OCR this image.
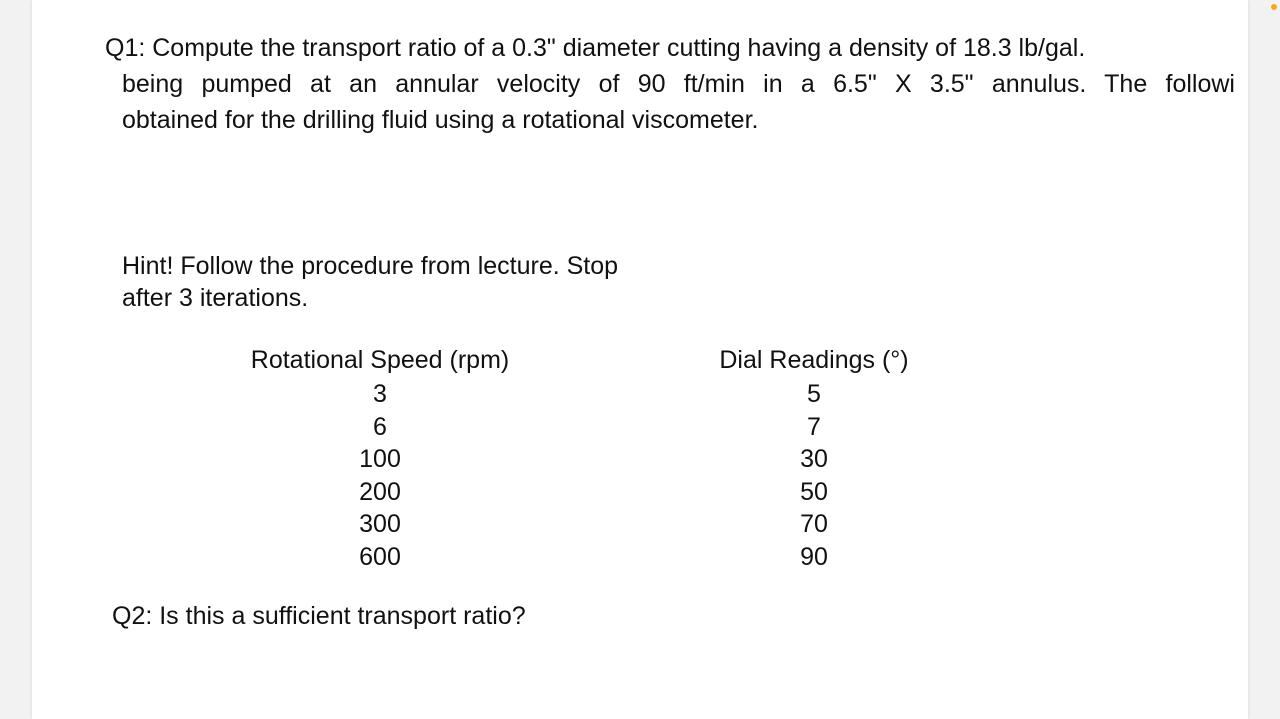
Q1: Compute the transport ratio of a 0.3" diameter cutting having a density of 18.3 lb/gal.
being pumped at an annular velocity of 90 ft/min in a 6.5" X 3.5" annulus. The followi
obtained for the drilling fluid using a rotational viscometer.
Hint! Follow the procedure from lecture. Stop
after 3 iterations.
Rotational Speed (rpm)
3
6
100
200
300
600
Dial Readings (°)
5
7
30
50
70
90
Q2: Is this a sufficient transport ratio?
